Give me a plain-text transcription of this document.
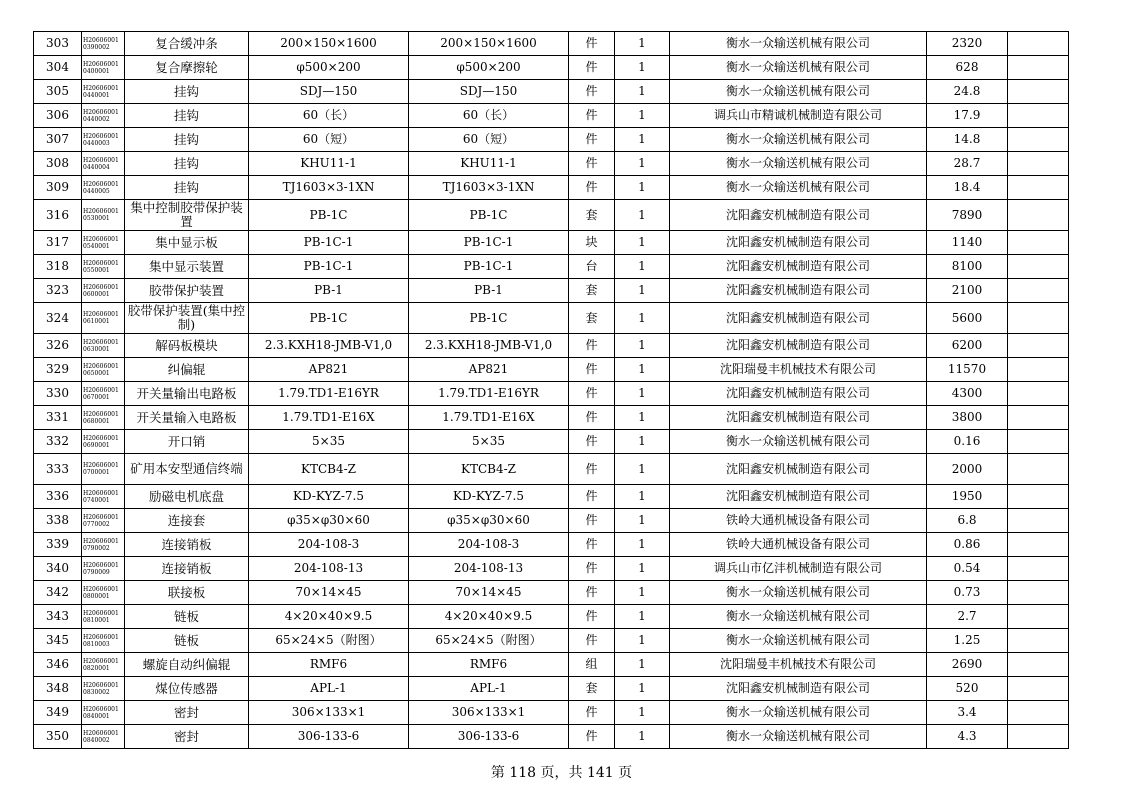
303	H20606001 0390002	复合缓冲条	200×150×1600	200×150×1600	件	1	衡水一众输送机械有限公司	2320	
304	H20606001 0400001	复合摩擦轮	φ500×200	φ500×200	件	1	衡水一众输送机械有限公司	628	
305	H20606001 0440001	挂钩	SDJ—150	SDJ—150	件	1	衡水一众输送机械有限公司	24.8	
306	H20606001 0440002	挂钩	60（长）	60（长）	件	1	调兵山市精诚机械制造有限公司	17.9	
307	H20606001 0440003	挂钩	60（短）	60（短）	件	1	衡水一众输送机械有限公司	14.8	
308	H20606001 0440004	挂钩	KHU11-1	KHU11-1	件	1	衡水一众输送机械有限公司	28.7	
309	H20606001 0440005	挂钩	TJ1603×3-1XN	TJ1603×3-1XN	件	1	衡水一众输送机械有限公司	18.4	
316	H20606001 0530001	集中控制胶带保护装置	PB-1C	PB-1C	套	1	沈阳鑫安机械制造有限公司	7890	
317	H20606001 0540001	集中显示板	PB-1C-1	PB-1C-1	块	1	沈阳鑫安机械制造有限公司	1140	
318	H20606001 0550001	集中显示装置	PB-1C-1	PB-1C-1	台	1	沈阳鑫安机械制造有限公司	8100	
323	H20606001 0600001	胶带保护装置	PB-1	PB-1	套	1	沈阳鑫安机械制造有限公司	2100	
324	H20606001 0610001	胶带保护装置(集中控制)	PB-1C	PB-1C	套	1	沈阳鑫安机械制造有限公司	5600	
326	H20606001 0630001	解码板模块	2.3.KXH18-JMB-V1,0	2.3.KXH18-JMB-V1,0	件	1	沈阳鑫安机械制造有限公司	6200	
329	H20606001 0650001	纠偏辊	AP821	AP821	件	1	沈阳瑞曼丰机械技术有限公司	11570	
330	H20606001 0670001	开关量输出电路板	1.79.TD1-E16YR	1.79.TD1-E16YR	件	1	沈阳鑫安机械制造有限公司	4300	
331	H20606001 0680001	开关量输入电路板	1.79.TD1-E16X	1.79.TD1-E16X	件	1	沈阳鑫安机械制造有限公司	3800	
332	H20606001 0690001	开口销	5×35	5×35	件	1	衡水一众输送机械有限公司	0.16	
333	H20606001 0700001	矿用本安型通信终端	KTCB4-Z	KTCB4-Z	件	1	沈阳鑫安机械制造有限公司	2000	
336	H20606001 0740001	励磁电机底盘	KD-KYZ-7.5	KD-KYZ-7.5	件	1	沈阳鑫安机械制造有限公司	1950	
338	H20606001 0770002	连接套	φ35×φ30×60	φ35×φ30×60	件	1	铁岭大通机械设备有限公司	6.8	
339	H20606001 0790002	连接销板	204-108-3	204-108-3	件	1	铁岭大通机械设备有限公司	0.86	
340	H20606001 0790009	连接销板	204-108-13	204-108-13	件	1	调兵山市亿沣机械制造有限公司	0.54	
342	H20606001 0800001	联接板	70×14×45	70×14×45	件	1	衡水一众输送机械有限公司	0.73	
343	H20606001 0810001	链板	4×20×40×9.5	4×20×40×9.5	件	1	衡水一众输送机械有限公司	2.7	
345	H20606001 0810003	链板	65×24×5（附图）	65×24×5（附图）	件	1	衡水一众输送机械有限公司	1.25	
346	H20606001 0820001	螺旋自动纠偏辊	RMF6	RMF6	组	1	沈阳瑞曼丰机械技术有限公司	2690	
348	H20606001 0830002	煤位传感器	APL-1	APL-1	套	1	沈阳鑫安机械制造有限公司	520	
349	H20606001 0840001	密封	306×133×1	306×133×1	件	1	衡水一众输送机械有限公司	3.4	
350	H20606001 0840002	密封	306-133-6	306-133-6	件	1	衡水一众输送机械有限公司	4.3	
第 118 页，共 141 页
